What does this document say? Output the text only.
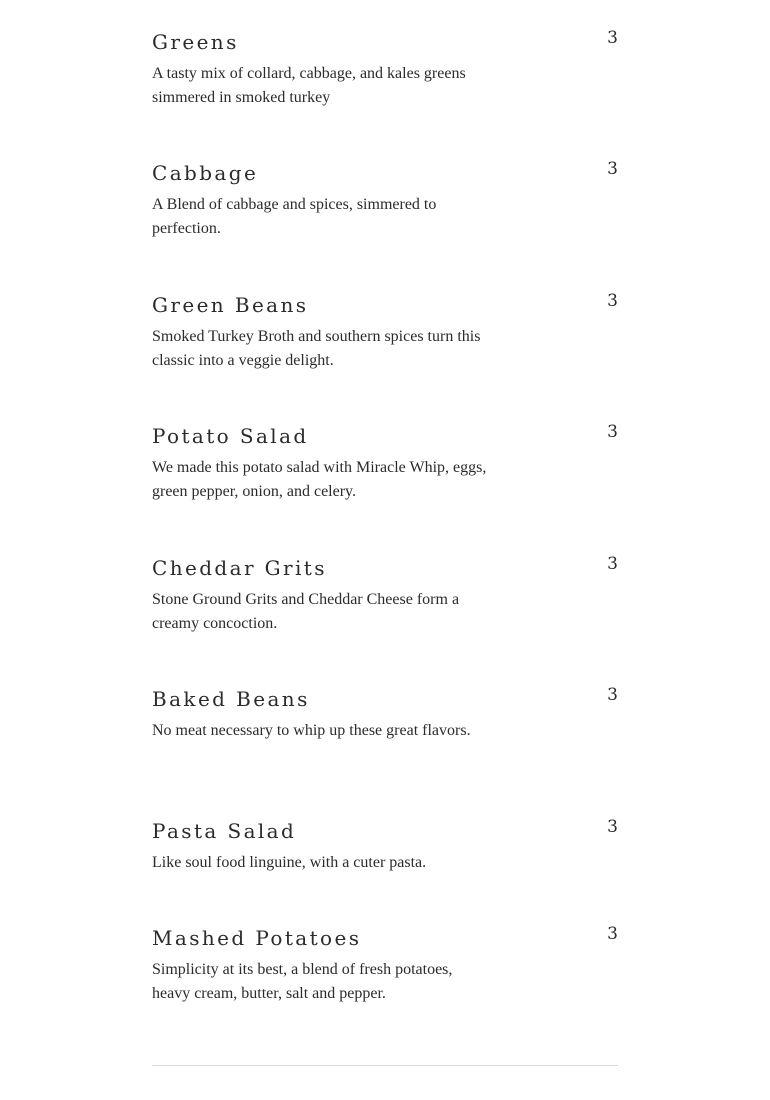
Greens	3
A tasty mix of collard, cabbage, and kales greens simmered in smoked turkey
Cabbage	3
A Blend of cabbage and spices, simmered to perfection.
Green Beans	3
Smoked Turkey Broth and southern spices turn this classic into a veggie delight.
Potato Salad	3
We made this potato salad with Miracle Whip, eggs, green pepper, onion, and celery.
Cheddar Grits	3
Stone Ground Grits and Cheddar Cheese form a creamy concoction.
Baked Beans	3
No meat necessary to whip up these great flavors.
Pasta Salad	3
Like soul food linguine, with a cuter pasta.
Mashed Potatoes	3
Simplicity at its best, a blend of fresh potatoes, heavy cream, butter, salt and pepper.
